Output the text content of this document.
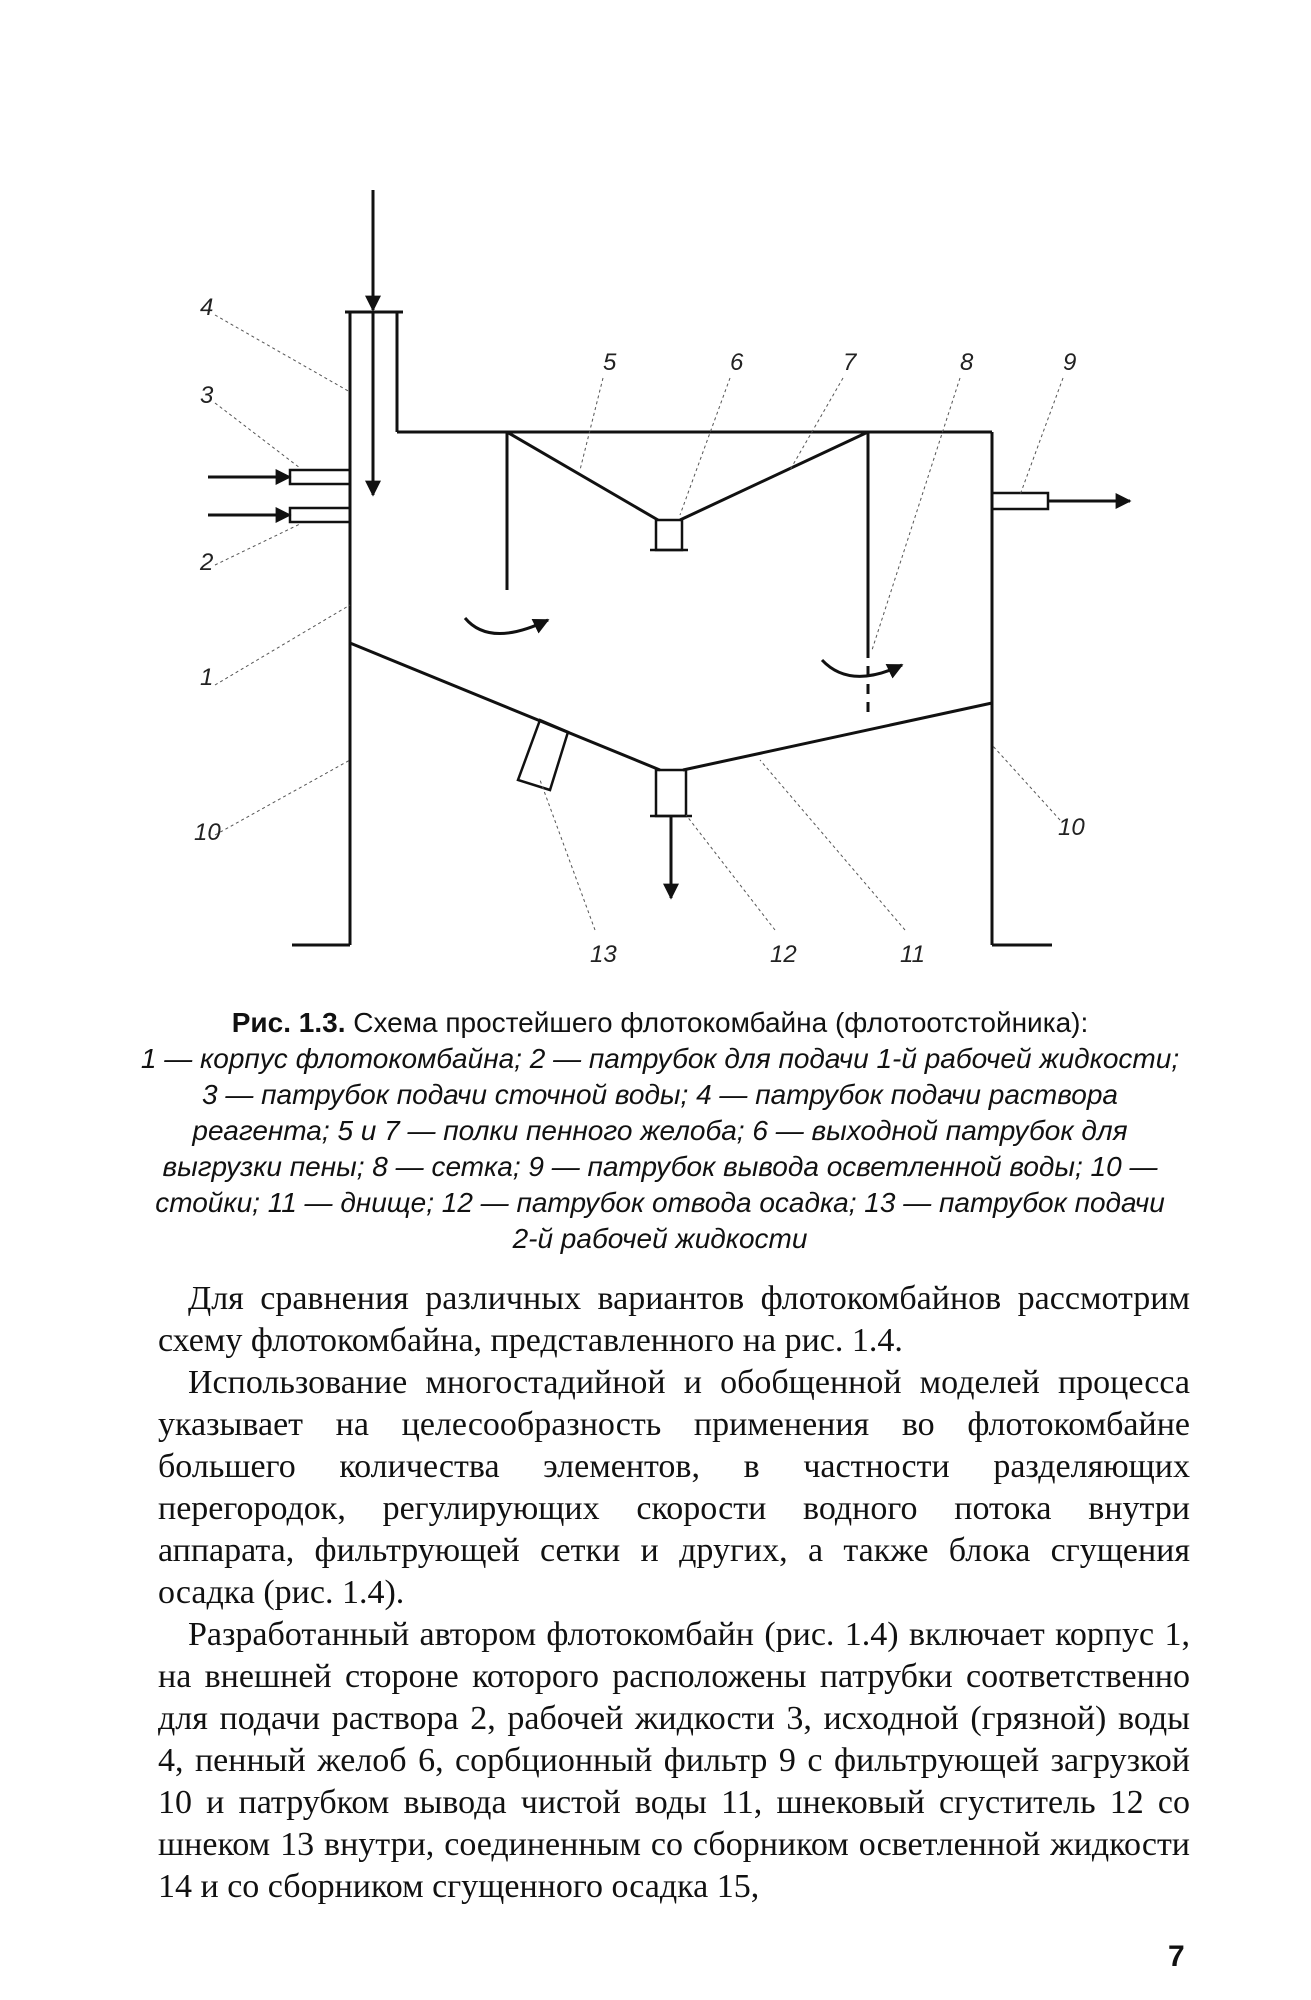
1
2
3
4
5	6	7	8	9
10	10
11
12
13
Рис. 1.3. Схема простейшего флотокомбайна (флотоотстойника):
1 — корпус флотокомбайна; 2 — патрубок для подачи 1-й рабочей жидкости; 3 — патрубок подачи сточной воды; 4 — патрубок подачи раствора реагента; 5 и 7 — полки пенного желоба; 6 — выходной патрубок для выгрузки пены; 8 — сетка; 9 — патрубок вывода осветленной воды; 10 — стойки; 11 — днище; 12 — патрубок отвода осадка; 13 — патрубок подачи 2-й рабочей жидкости

Для сравнения различных вариантов флотокомбайнов рассмотрим схему флотокомбайна, представленного на рис. 1.4.

Использование многостадийной и обобщенной моделей процесса указывает на целесообразность применения во флотокомбайне большего количества элементов, в частности разделяющих перегородок, регулирующих скорости водного потока внутри аппарата, фильтрующей сетки и других, а также блока сгущения осадка (рис. 1.4).

Разработанный автором флотокомбайн (рис. 1.4) включает корпус 1, на внешней стороне которого расположены патрубки соответственно для подачи раствора 2, рабочей жидкости 3, исходной (грязной) воды 4, пенный желоб 6, сорбционный фильтр 9 с фильтрующей загрузкой 10 и патрубком вывода чистой воды 11, шнековый сгуститель 12 со шнеком 13 внутри, соединенным со сборником осветленной жидкости 14 и со сборником сгущенного осадка 15,

7
